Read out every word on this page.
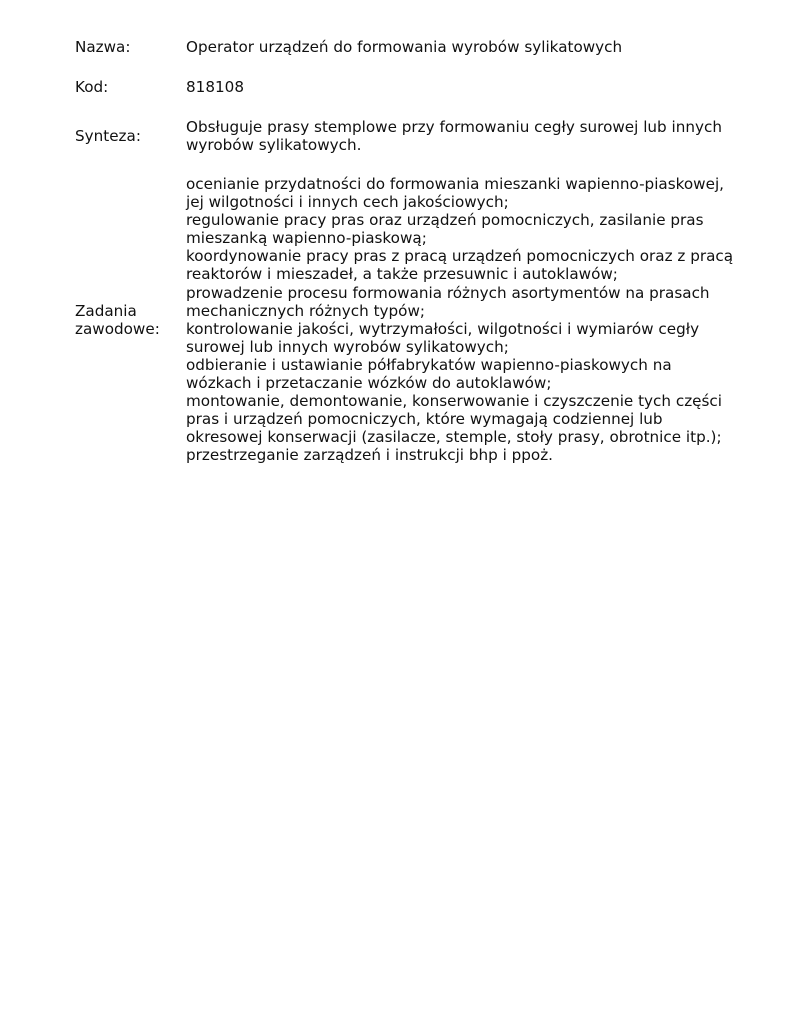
Nazwa:	Operator urządzeń do formowania wyrobów sylikatowych
Kod:	818108
Synteza:	Obsługuje prasy stemplowe przy formowaniu cegły surowej lub innych
wyrobów sylikatowych.
Zadania
zawodowe:
ocenianie przydatności do formowania mieszanki wapienno-piaskowej,
jej wilgotności i innych cech jakościowych;
regulowanie pracy pras oraz urządzeń pomocniczych, zasilanie pras
mieszanką wapienno-piaskową;
koordynowanie pracy pras z pracą urządzeń pomocniczych oraz z pracą
reaktorów i mieszadeł, a także przesuwnic i autoklawów;
prowadzenie procesu formowania różnych asortymentów na prasach
mechanicznych różnych typów;
kontrolowanie jakości, wytrzymałości, wilgotności i wymiarów cegły
surowej lub innych wyrobów sylikatowych;
odbieranie i ustawianie półfabrykatów wapienno-piaskowych na
wózkach i przetaczanie wózków do autoklawów;
montowanie, demontowanie, konserwowanie i czyszczenie tych części
pras i urządzeń pomocniczych, które wymagają codziennej lub
okresowej konserwacji (zasilacze, stemple, stoły prasy, obrotnice itp.);
przestrzeganie zarządzeń i instrukcji bhp i ppoż.
